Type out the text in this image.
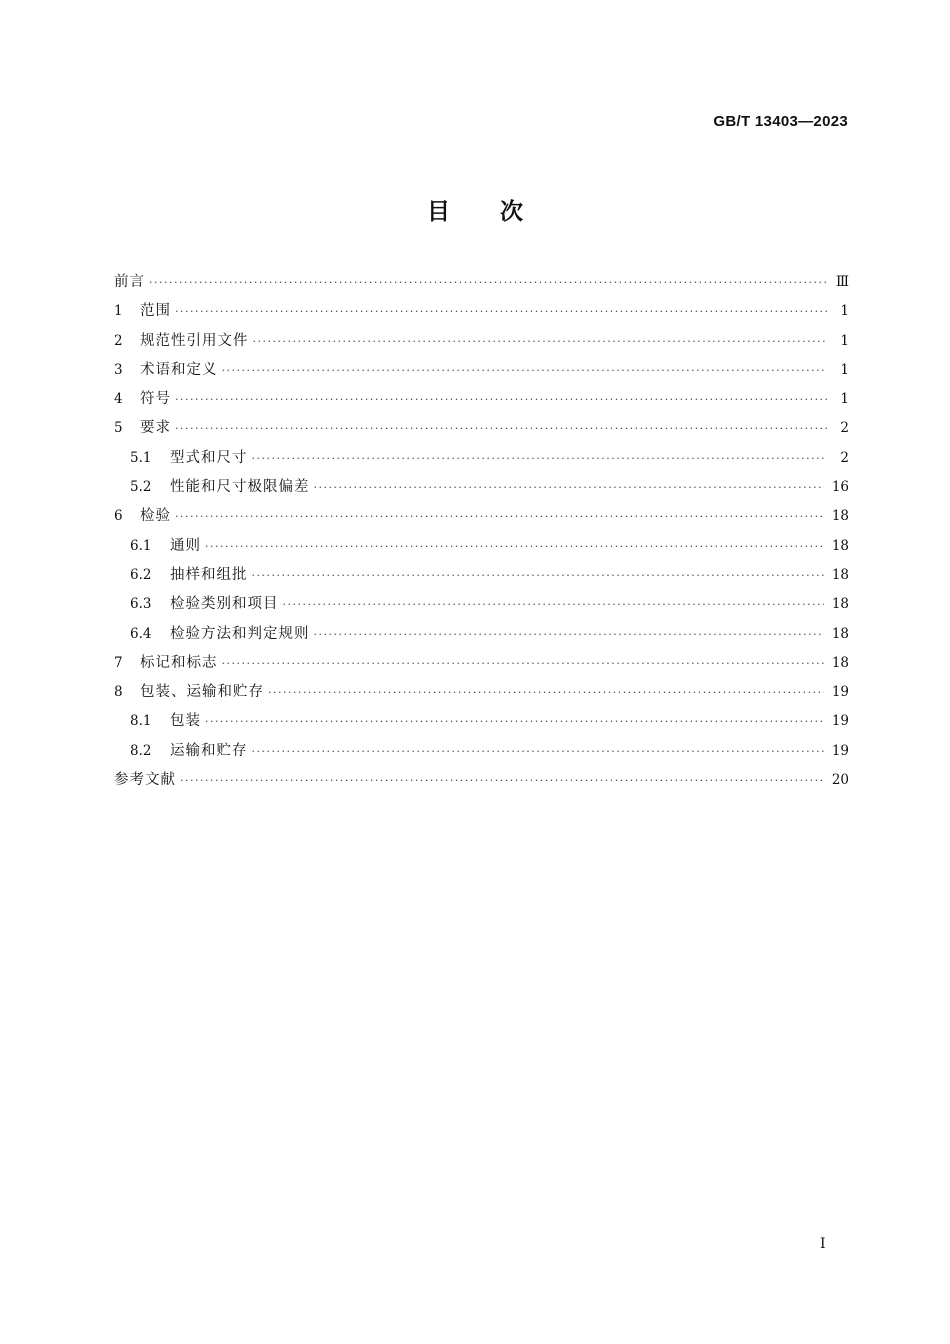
GB/T 13403—2023
目次
前言 ·····	Ⅲ
1	范围 ·····	1
2	规范性引用文件 ·····	1
3	术语和定义 ·····	1
4	符号 ·····	1
5	要求 ·····	2
5.1	型式和尺寸 ·····	2
5.2	性能和尺寸极限偏差 ·····	16
6	检验 ·····	18
6.1	通则 ·····	18
6.2	抽样和组批 ·····	18
6.3	检验类别和项目 ·····	18
6.4	检验方法和判定规则 ·····	18
7	标记和标志 ·····	18
8	包装、运输和贮存 ·····	19
8.1	包装 ·····	19
8.2	运输和贮存 ·····	19
参考文献 ·····	20
I
